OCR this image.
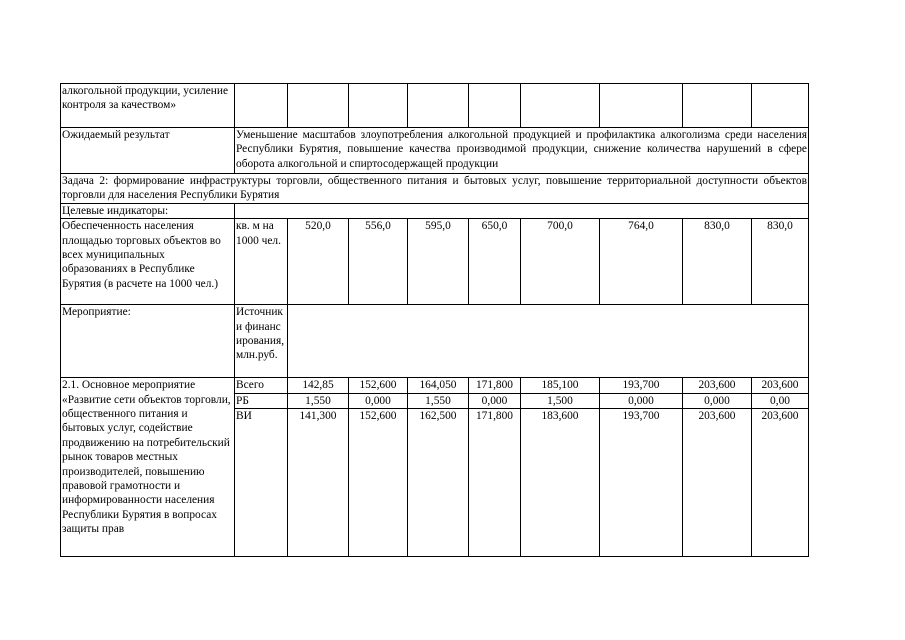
алкогольной продукции, усиление контроля за качеством»									
Ожидаемый результат	Уменьшение масштабов злоупотребления алкогольной продукцией и профилактика алкоголизма среди населения Республики Бурятия, повышение качества производимой продукции, снижение количества нарушений в сфере оборота алкогольной и спиртосодержащей продукции								
Задача 2: формирование инфраструктуры торговли, общественного питания и бытовых услуг, повышение территориальной доступности объектов торговли для населения Республики Бурятия									
Целевые индикаторы:									
Обеспеченность населения площадью торговых объектов во всех муниципальных образованиях в Республике Бурятия (в расчете на 1000 чел.)	кв. м на 1000 чел.	520,0	556,0	595,0	650,0	700,0	764,0	830,0	830,0
Мероприятие:	Источники финансирования, млн.руб.								
2.1. Основное мероприятие «Развитие сети объектов торговли, общественного питания и бытовых услуг, содействие продвижению на потребительский рынок товаров местных производителей, повышению правовой грамотности и информированности населения Республики Бурятия в вопросах защиты прав	Всего	142,85	152,600	164,050	171,800	185,100	193,700	203,600	203,600
	РБ	1,550	0,000	1,550	0,000	1,500	0,000	0,000	0,00
	ВИ	141,300	152,600	162,500	171,800	183,600	193,700	203,600	203,600
